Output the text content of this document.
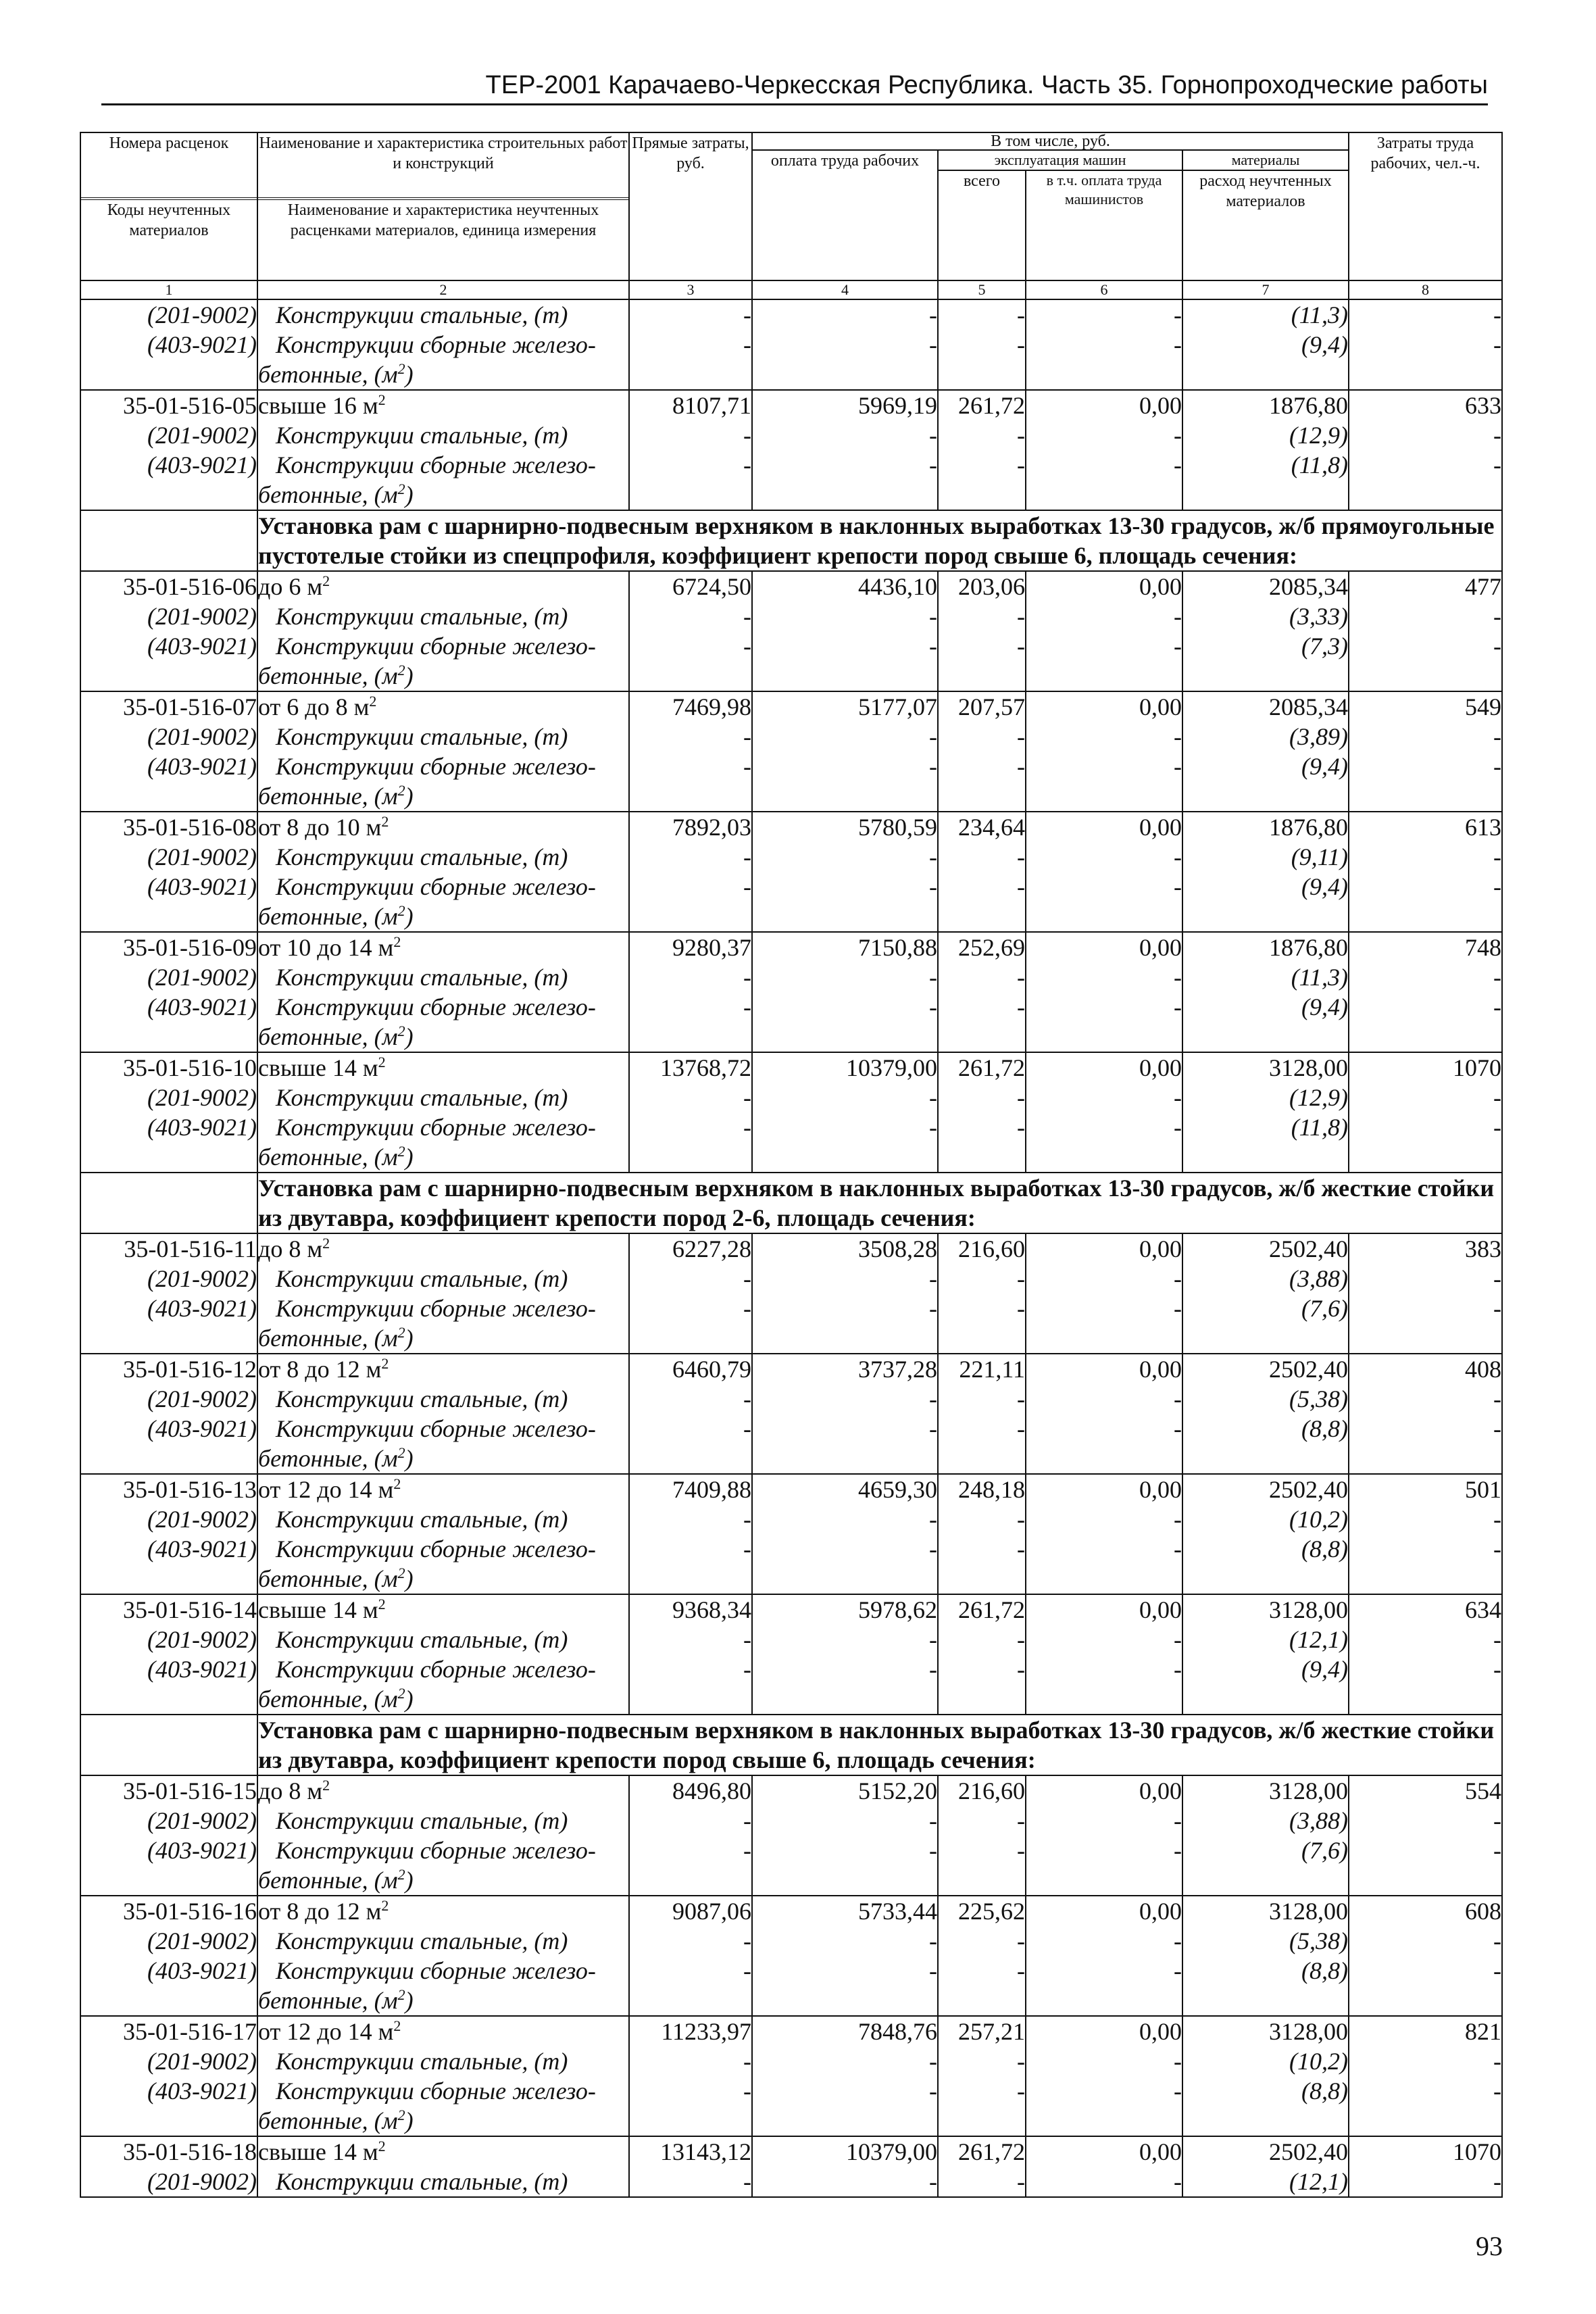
ТЕР-2001 Карачаево-Черкесская Республика. Часть 35. Горнопроходческие работы
Номера расценок	Наименование и характеристика строительных работ и конструкций	Прямые затраты, руб.	В том числе, руб.				Затраты труда рабочих, чел.-ч.
			оплата труда рабочих	эксплуатация машин		материалы	
				всего	в т.ч. оплата труда машинистов	расход неучтенных материалов	

Коды неучтенных материалов	Наименование и характеристика неучтенных расценками материалов, единица измерения						
1	2	3	4	5	6	7	8
(201-9002)	Конструкции стальные, (т)	-	-	-	-	(11,3)	-
(403-9021)	Конструкции сборные железо-	-	-	-	-	(9,4)	-
	бетонные, $(м^2)$						
35-01-516-05	свыше 16 $м^2$	8107,71	5969,19	261,72	0,00	1876,80	633
(201-9002)	Конструкции стальные, (т)	-	-	-	-	(12,9)	-
(403-9021)	Конструкции сборные железо-	-	-	-	-	(11,8)	-
	бетонные, $(м^2)$						
	Установка рам с шарнирно-подвесным верхняком в наклонных выработках 13-30 градусов, ж/б прямоугольные пустотелые стойки из спецпрофиля, коэффициент крепости пород свыше 6, площадь сечения:						
35-01-516-06	до 6 $м^2$	6724,50	4436,10	203,06	0,00	2085,34	477
(201-9002)	Конструкции стальные, (т)	-	-	-	-	(3,33)	-
(403-9021)	Конструкции сборные железо-	-	-	-	-	(7,3)	-
	бетонные, $(м^2)$						
35-01-516-07	от 6 до 8 $м^2$	7469,98	5177,07	207,57	0,00	2085,34	549
(201-9002)	Конструкции стальные, (т)	-	-	-	-	(3,89)	-
(403-9021)	Конструкции сборные железо-	-	-	-	-	(9,4)	-
	бетонные, $(м^2)$						
35-01-516-08	от 8 до 10 $м^2$	7892,03	5780,59	234,64	0,00	1876,80	613
(201-9002)	Конструкции стальные, (т)	-	-	-	-	(9,11)	-
(403-9021)	Конструкции сборные железо-	-	-	-	-	(9,4)	-
	бетонные, $(м^2)$						
35-01-516-09	от 10 до 14 $м^2$	9280,37	7150,88	252,69	0,00	1876,80	748
(201-9002)	Конструкции стальные, (т)	-	-	-	-	(11,3)	-
(403-9021)	Конструкции сборные железо-	-	-	-	-	(9,4)	-
	бетонные, $(м^2)$						
35-01-516-10	свыше 14 $м^2$	13768,72	10379,00	261,72	0,00	3128,00	1070
(201-9002)	Конструкции стальные, (т)	-	-	-	-	(12,9)	-
(403-9021)	Конструкции сборные железо-	-	-	-	-	(11,8)	-
	бетонные, $(м^2)$						
	Установка рам с шарнирно-подвесным верхняком в наклонных выработках 13-30 градусов, ж/б жесткие стойки из двутавра, коэффициент крепости пород 2-6, площадь сечения:						
35-01-516-11	до 8 $м^2$	6227,28	3508,28	216,60	0,00	2502,40	383
(201-9002)	Конструкции стальные, (т)	-	-	-	-	(3,88)	-
(403-9021)	Конструкции сборные железо-	-	-	-	-	(7,6)	-
	бетонные, $(м^2)$						
35-01-516-12	от 8 до 12 $м^2$	6460,79	3737,28	221,11	0,00	2502,40	408
(201-9002)	Конструкции стальные, (т)	-	-	-	-	(5,38)	-
(403-9021)	Конструкции сборные железо-	-	-	-	-	(8,8)	-
	бетонные, $(м^2)$						
35-01-516-13	от 12 до 14 $м^2$	7409,88	4659,30	248,18	0,00	2502,40	501
(201-9002)	Конструкции стальные, (т)	-	-	-	-	(10,2)	-
(403-9021)	Конструкции сборные железо-	-	-	-	-	(8,8)	-
	бетонные, $(м^2)$						
35-01-516-14	свыше 14 $м^2$	9368,34	5978,62	261,72	0,00	3128,00	634
(201-9002)	Конструкции стальные, (т)	-	-	-	-	(12,1)	-
(403-9021)	Конструкции сборные железо-	-	-	-	-	(9,4)	-
	бетонные, $(м^2)$						
	Установка рам с шарнирно-подвесным верхняком в наклонных выработках 13-30 градусов, ж/б жесткие стойки из двутавра, коэффициент крепости пород свыше 6, площадь сечения:						
35-01-516-15	до 8 $м^2$	8496,80	5152,20	216,60	0,00	3128,00	554
(201-9002)	Конструкции стальные, (т)	-	-	-	-	(3,88)	-
(403-9021)	Конструкции сборные железо-	-	-	-	-	(7,6)	-
	бетонные, $(м^2)$						
35-01-516-16	от 8 до 12 $м^2$	9087,06	5733,44	225,62	0,00	3128,00	608
(201-9002)	Конструкции стальные, (т)	-	-	-	-	(5,38)	-
(403-9021)	Конструкции сборные железо-	-	-	-	-	(8,8)	-
	бетонные, $(м^2)$						
35-01-516-17	от 12 до 14 $м^2$	11233,97	7848,76	257,21	0,00	3128,00	821
(201-9002)	Конструкции стальные, (т)	-	-	-	-	(10,2)	-
(403-9021)	Конструкции сборные железо-	-	-	-	-	(8,8)	-
	бетонные, $(м^2)$						
35-01-516-18	свыше 14 $м^2$	13143,12	10379,00	261,72	0,00	2502,40	1070
(201-9002)	Конструкции стальные, (т)	-	-	-	-	(12,1)	-
93
